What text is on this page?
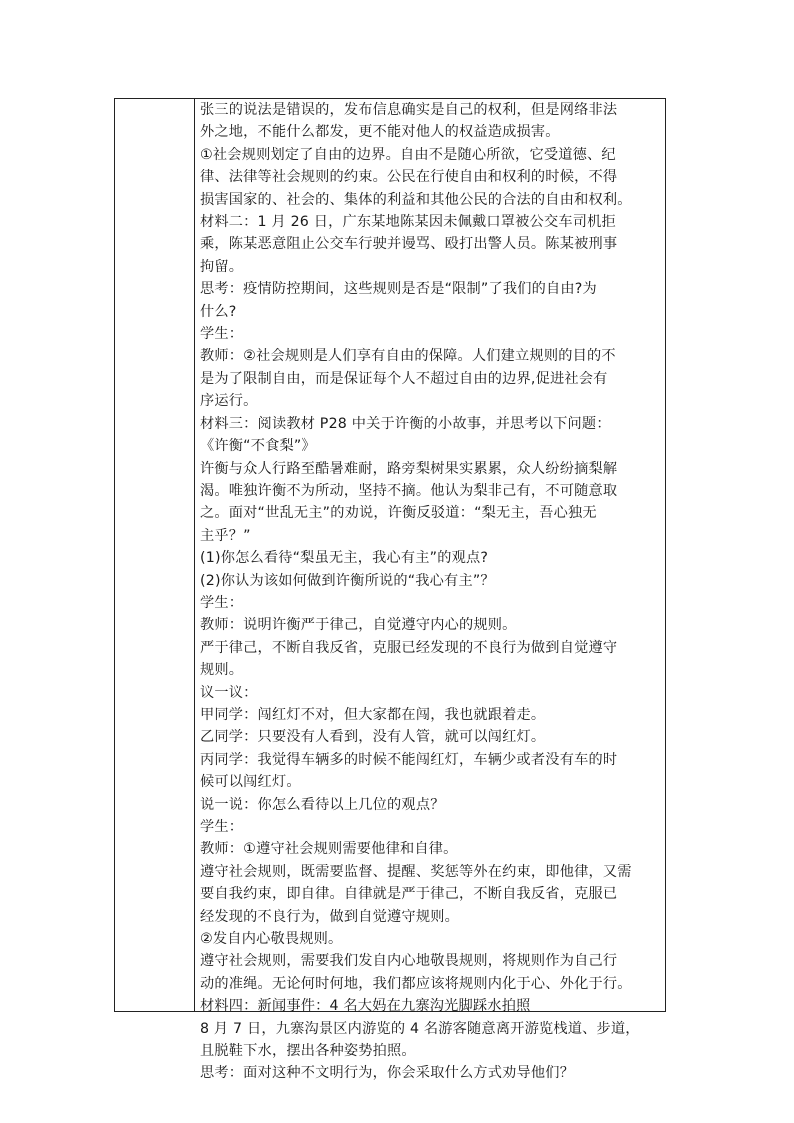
张三的说法是错误的，发布信息确实是自己的权利，但是网络非法
外之地，不能什么都发，更不能对他人的权益造成损害。
①社会规则划定了自由的边界。自由不是随心所欲，它受道德、纪
律、法律等社会规则的约束。公民在行使自由和权利的时候，不得
损害国家的、社会的、集体的利益和其他公民的合法的自由和权利。
材料二：1 月 26 日，广东某地陈某因未佩戴口罩被公交车司机拒
乘，陈某恶意阻止公交车行驶并谩骂、殴打出警人员。陈某被刑事
拘留。
思考：疫情防控期间，这些规则是否是“限制”了我们的自由?为
什么?
学生：
教师：②社会规则是人们享有自由的保障。人们建立规则的目的不
是为了限制自由，而是保证每个人不超过自由的边界,促进社会有
序运行。
材料三：阅读教材 P28 中关于许衡的小故事，并思考以下问题：
《许衡“不食梨”》
许衡与众人行路至酷暑难耐，路旁梨树果实累累，众人纷纷摘梨解
渴。唯独许衡不为所动，坚持不摘。他认为梨非己有，不可随意取
之。面对“世乱无主”的劝说，许衡反驳道：“梨无主，吾心独无
主乎？”
(1)你怎么看待“梨虽无主，我心有主”的观点?
(2)你认为该如何做到许衡所说的“我心有主”？
学生：
教师：说明许衡严于律己，自觉遵守内心的规则。
严于律己，不断自我反省，克服已经发现的不良行为做到自觉遵守
规则。
议一议：
甲同学：闯红灯不对，但大家都在闯，我也就跟着走。
乙同学：只要没有人看到，没有人管，就可以闯红灯。
丙同学：我觉得车辆多的时候不能闯红灯，车辆少或者没有车的时
候可以闯红灯。
说一说：你怎么看待以上几位的观点？
学生：
教师：①遵守社会规则需要他律和自律。
遵守社会规则，既需要监督、提醒、奖惩等外在约束，即他律，又需
要自我约束，即自律。自律就是严于律己，不断自我反省，克服已
经发现的不良行为，做到自觉遵守规则。
②发自内心敬畏规则。
遵守社会规则，需要我们发自内心地敬畏规则，将规则作为自己行
动的准绳。无论何时何地，我们都应该将规则内化于心、外化于行。
材料四：新闻事件：4 名大妈在九寨沟光脚踩水拍照
8 月 7 日，九寨沟景区内游览的 4 名游客随意离开游览栈道、步道，
且脱鞋下水，摆出各种姿势拍照。
思考：面对这种不文明行为，你会采取什么方式劝导他们？
